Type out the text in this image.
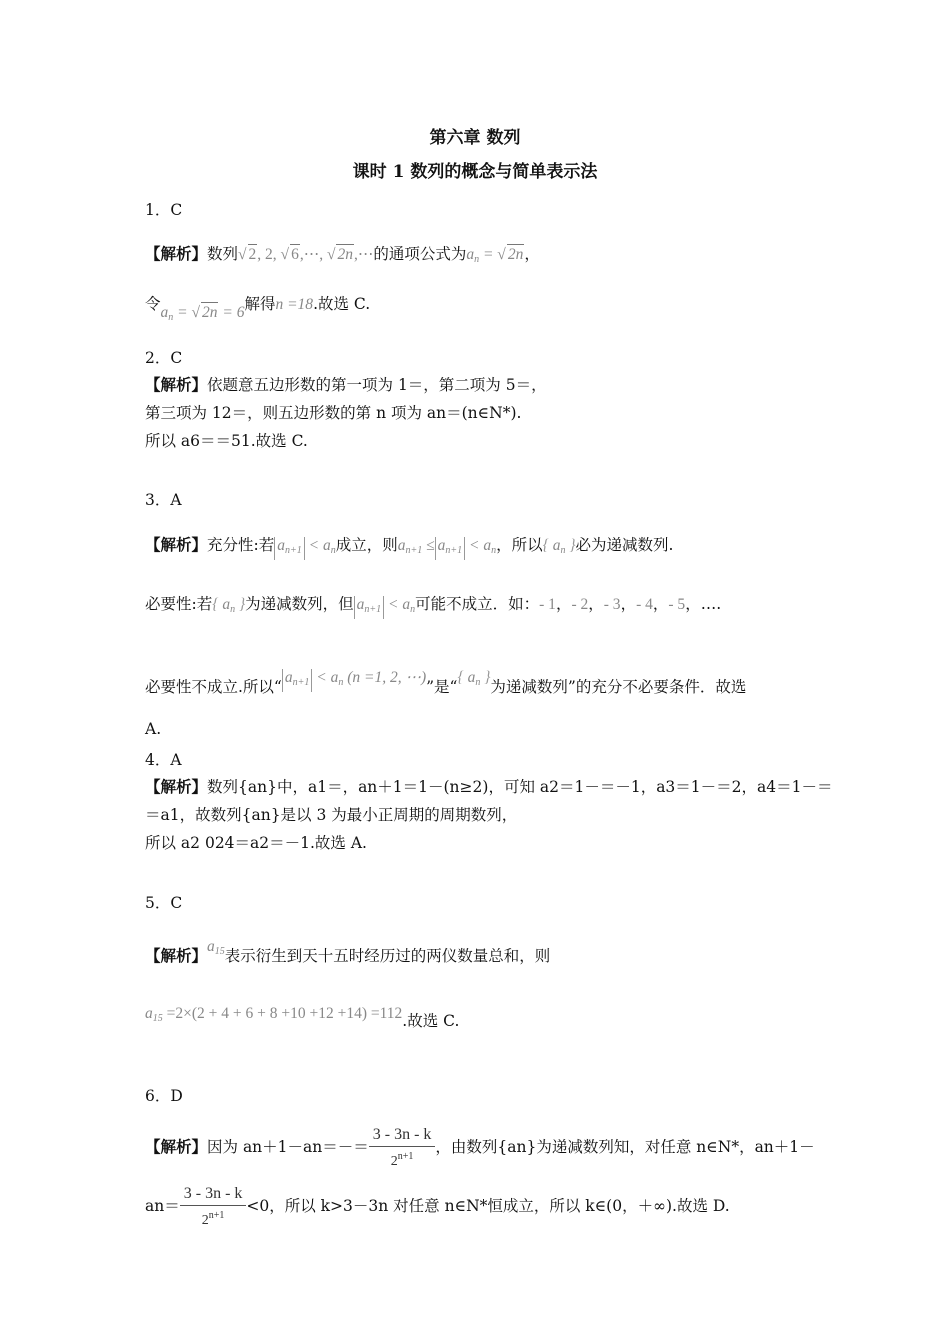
第六章 数列
课时 1 数列的概念与简单表示法
1．C
【解析】数列√ 2, 2, √ 6,⋯, √ 2n,⋯的通项公式为an = √ 2n，
令an = √ 2n = 6解得n =18.故选 C.
2．C
【解析】依题意五边形数的第一项为 1＝，第二项为 5＝，
第三项为 12＝，则五边形数的第 n 项为 an＝(n∈N*).
所以 a6＝＝51.故选 C.
3．A
【解析】充分性:若 an+1 < an成立，则an+1 ≤ an+1 < an，所以{ an }必为递减数列.
必要性:若{ an }为递减数列，但 an+1 < an可能不成立．如：- 1，- 2，- 3，- 4，- 5，….
必要性不成立.所以“an+1 < an (n =1, 2, ⋯)”是“{ an }为递减数列”的充分不必要条件．故选
A.
4．A
【解析】数列{an}中，a1＝，an＋1＝1－(n≥2)，可知 a2＝1－＝－1，a3＝1－＝2，a4＝1－＝
＝a1，故数列{an}是以 3 为最小正周期的周期数列，
所以 a2 024＝a2＝－1.故选 A.
5．C
【解析】a15表示衍生到天十五时经历过的两仪数量总和，则
a15 =2×(2 + 4 + 6 + 8 +10 +12 +14) =112.故选 C.
6．D
【解析】因为 $an+1-an=-= \frac{3 - 3n - k}{2^{n+1}}$ ，由数列{an}为递减数列知，对任意 n∈N*，an＋1－
$an= \frac{3 - 3n - k}{2^{n+1}} <0$，所以 k>3－3n 对任意 n∈N*恒成立，所以 k∈(0，＋∞).故选 D.
